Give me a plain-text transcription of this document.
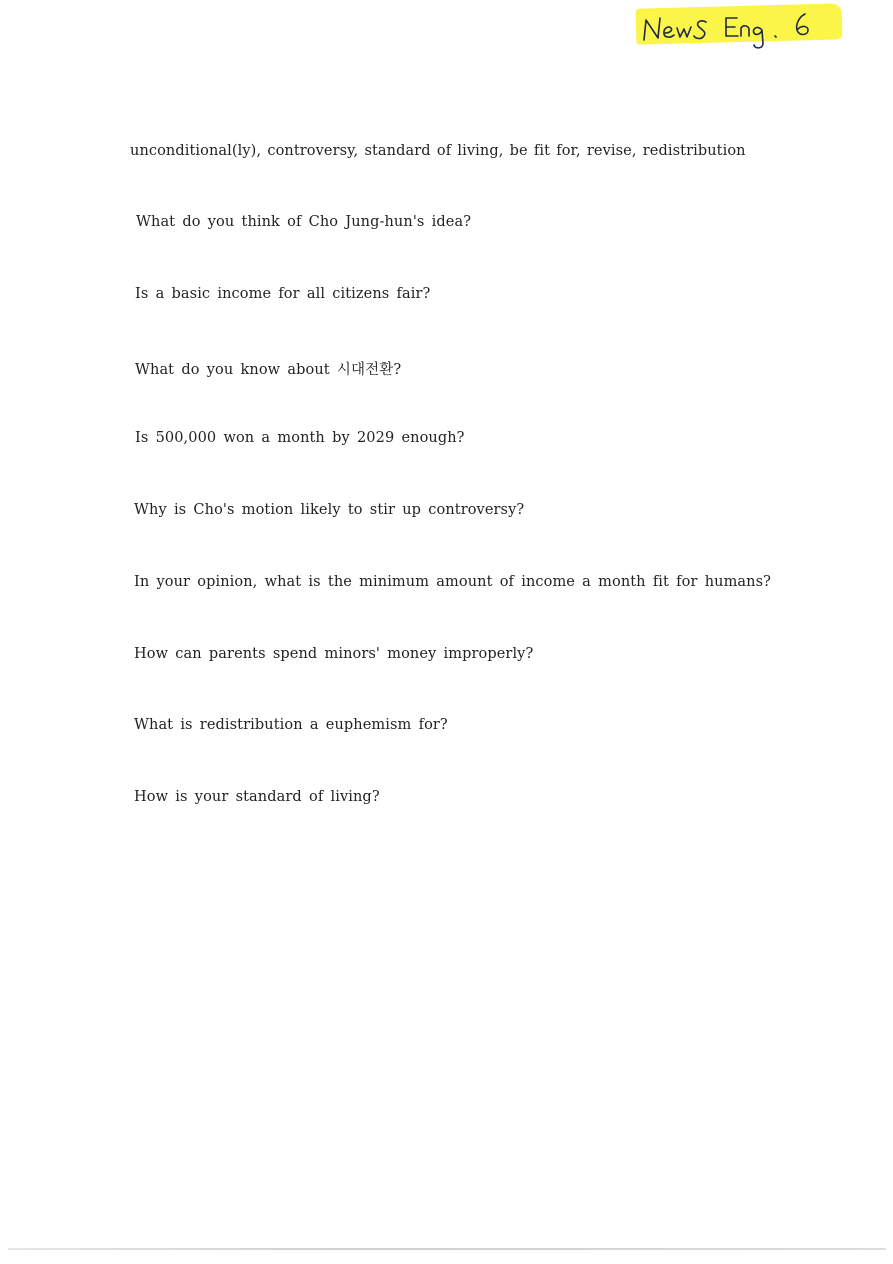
unconditional(ly), controversy, standard of living, be fit for, revise, redistribution
What do you think of Cho Jung-hun's idea?
Is a basic income for all citizens fair?
What do you know about 시대전환?
Is 500,000 won a month by 2029 enough?
Why is Cho's motion likely to stir up controversy?
In your opinion, what is the minimum amount of income a month fit for humans?
How can parents spend minors' money improperly?
What is redistribution a euphemism for?
How is your standard of living?
